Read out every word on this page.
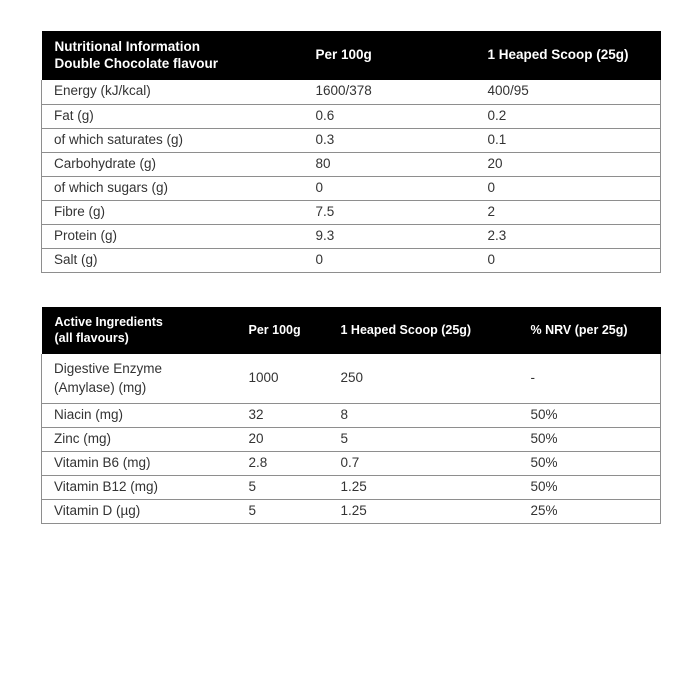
Nutritional Information
Double Chocolate flavour	Per 100g	1 Heaped Scoop (25g)
Energy (kJ/kcal)	1600/378	400/95
Fat (g)	0.6	0.2
of which saturates (g)	0.3	0.1
Carbohydrate (g)	80	20
of which sugars (g)	0	0
Fibre (g)	7.5	2
Protein (g)	9.3	2.3
Salt (g)	0	0
Active Ingredients
(all flavours)	Per 100g	1 Heaped Scoop (25g)	% NRV (per 25g)

Digestive Enzyme
(Amylase) (mg)	1000	250	-
Niacin (mg)	32	8	50%
Zinc (mg)	20	5	50%
Vitamin B6 (mg)	2.8	0.7	50%
Vitamin B12 (mg)	5	1.25	50%
Vitamin D (µg)	5	1.25	25%
